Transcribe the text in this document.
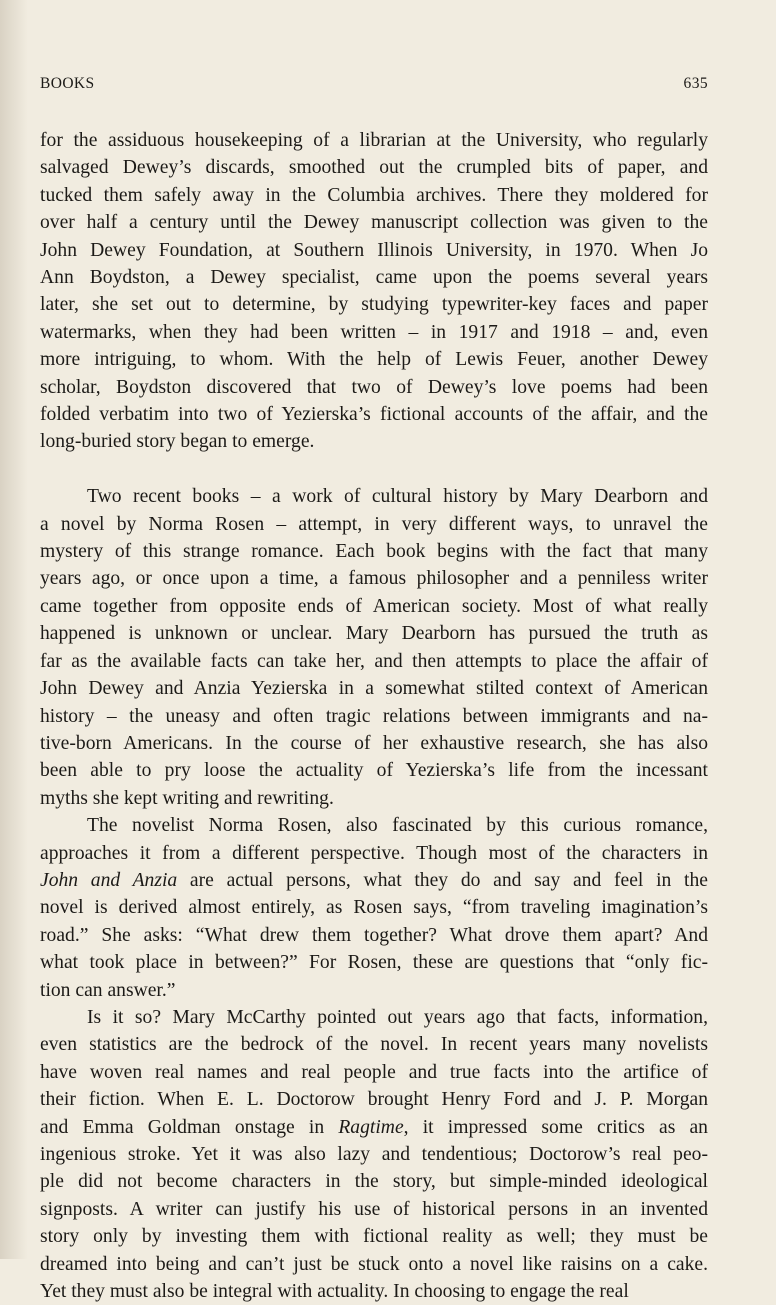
BOOKS	635

for the assiduous housekeeping of a librarian at the University, who regularly
salvaged Dewey’s discards, smoothed out the crumpled bits of paper, and
tucked them safely away in the Columbia archives. There they moldered for
over half a century until the Dewey manuscript collection was given to the
John Dewey Foundation, at Southern Illinois University, in 1970. When Jo
Ann Boydston, a Dewey specialist, came upon the poems several years
later, she set out to determine, by studying typewriter-key faces and paper
watermarks, when they had been written – in 1917 and 1918 – and, even
more intriguing, to whom. With the help of Lewis Feuer, another Dewey
scholar, Boydston discovered that two of Dewey’s love poems had been
folded verbatim into two of Yezierska’s fictional accounts of the affair, and the
long-buried story began to emerge.

Two recent books – a work of cultural history by Mary Dearborn and
a novel by Norma Rosen – attempt, in very different ways, to unravel the
mystery of this strange romance. Each book begins with the fact that many
years ago, or once upon a time, a famous philosopher and a penniless writer
came together from opposite ends of American society. Most of what really
happened is unknown or unclear. Mary Dearborn has pursued the truth as
far as the available facts can take her, and then attempts to place the affair of
John Dewey and Anzia Yezierska in a somewhat stilted context of American
history – the uneasy and often tragic relations between immigrants and na-
tive-born Americans. In the course of her exhaustive research, she has also
been able to pry loose the actuality of Yezierska’s life from the incessant
myths she kept writing and rewriting.

The novelist Norma Rosen, also fascinated by this curious romance,
approaches it from a different perspective. Though most of the characters in
John and Anzia are actual persons, what they do and say and feel in the
novel is derived almost entirely, as Rosen says, “from traveling imagination’s
road.” She asks: “What drew them together? What drove them apart? And
what took place in between?” For Rosen, these are questions that “only fic-
tion can answer.”

Is it so? Mary McCarthy pointed out years ago that facts, information,
even statistics are the bedrock of the novel. In recent years many novelists
have woven real names and real people and true facts into the artifice of
their fiction. When E. L. Doctorow brought Henry Ford and J. P. Morgan
and Emma Goldman onstage in Ragtime, it impressed some critics as an
ingenious stroke. Yet it was also lazy and tendentious; Doctorow’s real peo-
ple did not become characters in the story, but simple-minded ideological
signposts. A writer can justify his use of historical persons in an invented
story only by investing them with fictional reality as well; they must be
dreamed into being and can’t just be stuck onto a novel like raisins on a cake.
Yet they must also be integral with actuality. In choosing to engage the real
